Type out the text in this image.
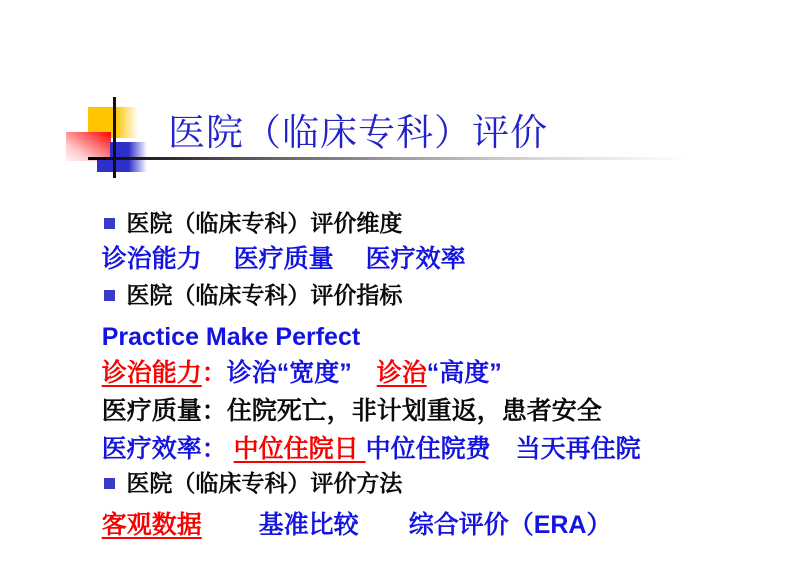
医院（临床专科）评价

医院（临床专科）评价维度

诊治能力　 医疗质量　 医疗效率

医院（临床专科）评价指标

Practice Make Perfect

诊治能力：诊治“宽度”　 诊治“高度”

医疗质量：住院死亡，非计划重返，患者安全

医疗效率： 中位住院日 中位住院费　当天再住院

医院（临床专科）评价方法

客观数据　　 基准比较　　 综合评价（ERA）
